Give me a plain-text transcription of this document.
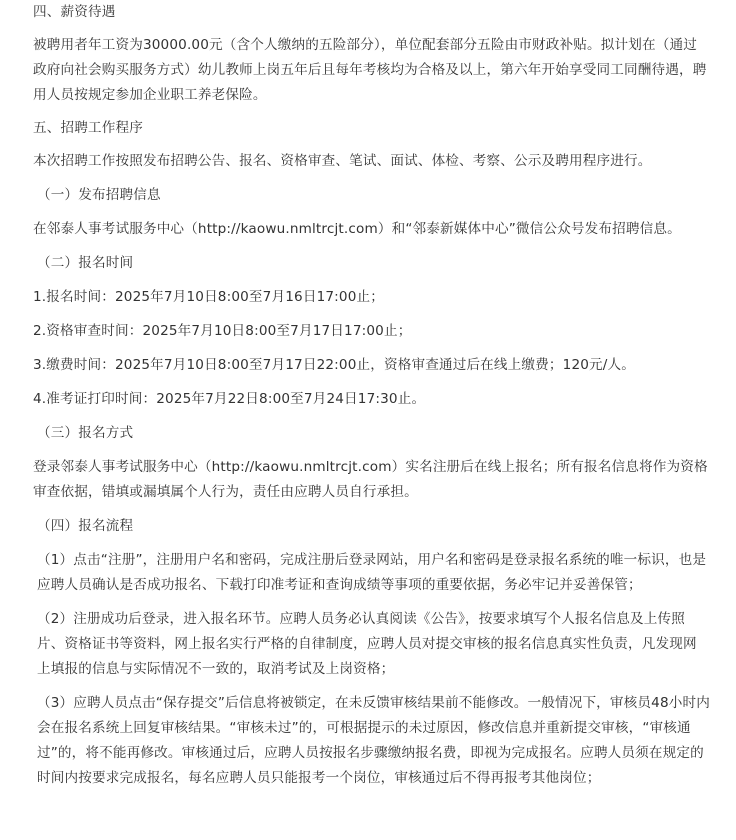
四、薪资待遇

被聘用者年工资为30000.00元（含个人缴纳的五险部分），单位配套部分五险由市财政补贴。拟计划在（通过政府向社会购买服务方式）幼儿教师上岗五年后且每年考核均为合格及以上，第六年开始享受同工同酬待遇，聘用人员按规定参加企业职工养老保险。

五、招聘工作程序

本次招聘工作按照发布招聘公告、报名、资格审查、笔试、面试、体检、考察、公示及聘用程序进行。

（一）发布招聘信息

在邻泰人事考试服务中心（http://kaowu.nmltrcjt.com）和“邻泰新媒体中心”微信公众号发布招聘信息。

（二）报名时间

1.报名时间：2025年7月10日8:00至7月16日17:00止；

2.资格审查时间：2025年7月10日8:00至7月17日17:00止；

3.缴费时间：2025年7月10日8:00至7月17日22:00止，资格审查通过后在线上缴费；120元/人。

4.准考证打印时间：2025年7月22日8:00至7月24日17:30止。

（三）报名方式

登录邻泰人事考试服务中心（http://kaowu.nmltrcjt.com）实名注册后在线上报名；所有报名信息将作为资格审查依据，错填或漏填属个人行为，责任由应聘人员自行承担。

（四）报名流程

（1）点击“注册”，注册用户名和密码，完成注册后登录网站，用户名和密码是登录报名系统的唯一标识，也是应聘人员确认是否成功报名、下载打印准考证和查询成绩等事项的重要依据，务必牢记并妥善保管；

（2）注册成功后登录，进入报名环节。应聘人员务必认真阅读《公告》，按要求填写个人报名信息及上传照片、资格证书等资料，网上报名实行严格的自律制度，应聘人员对提交审核的报名信息真实性负责，凡发现网上填报的信息与实际情况不一致的，取消考试及上岗资格；

（3）应聘人员点击“保存提交”后信息将被锁定，在未反馈审核结果前不能修改。一般情况下，审核员48小时内会在报名系统上回复审核结果。“审核未过”的，可根据提示的未过原因，修改信息并重新提交审核，“审核通过”的，将不能再修改。审核通过后，应聘人员按报名步骤缴纳报名费，即视为完成报名。应聘人员须在规定的时间内按要求完成报名，每名应聘人员只能报考一个岗位，审核通过后不得再报考其他岗位；
